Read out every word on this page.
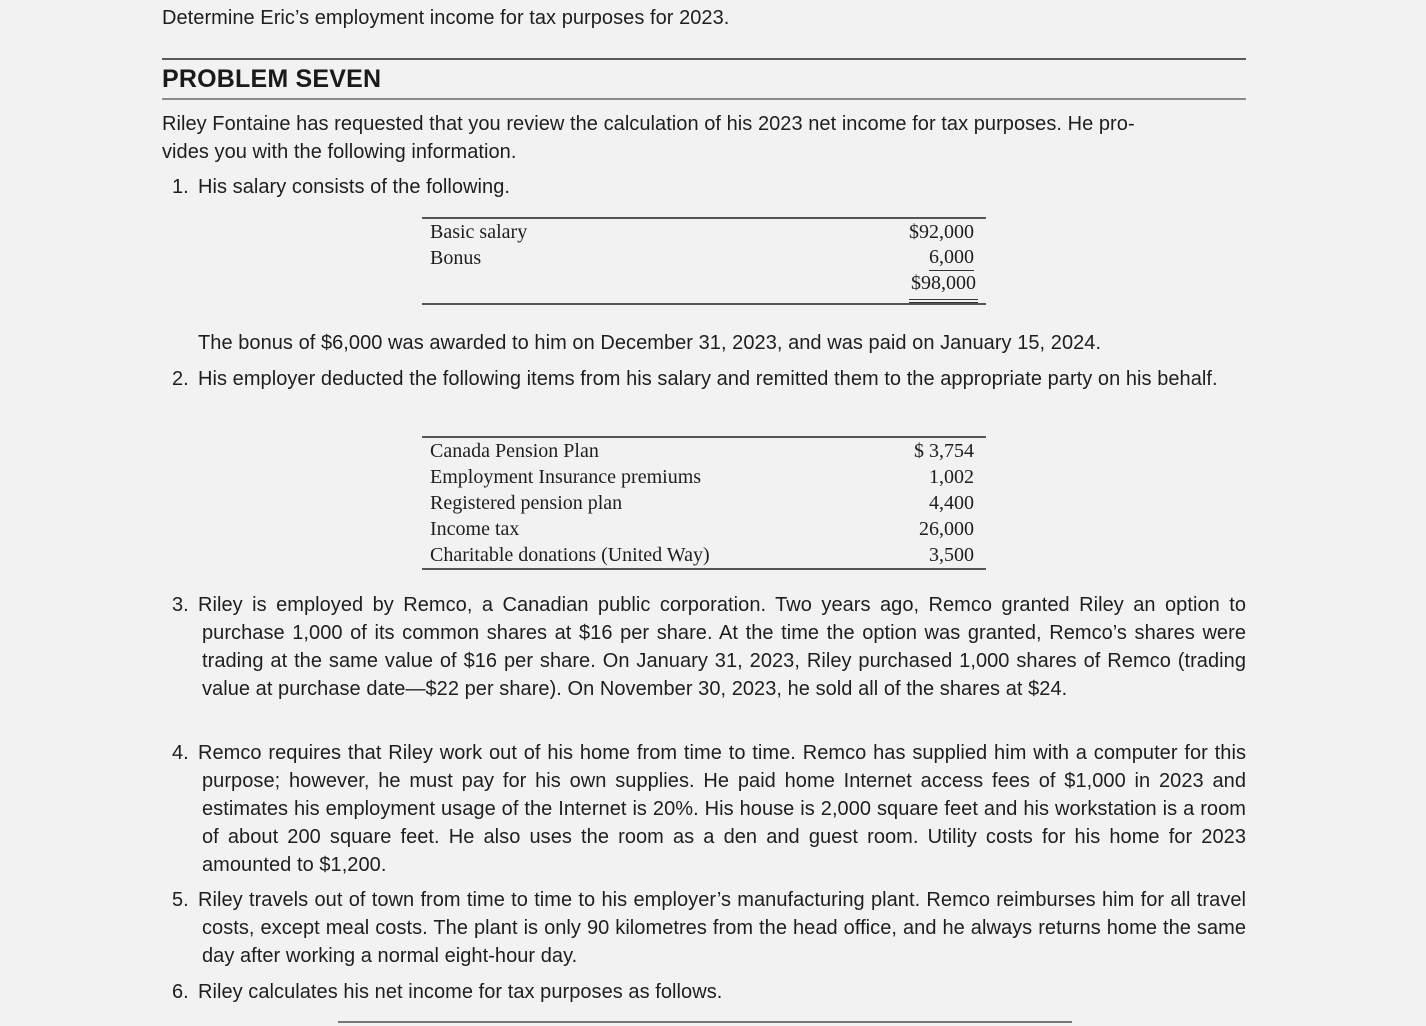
Determine Eric’s employment income for tax purposes for 2023.
PROBLEM SEVEN
Riley Fontaine has requested that you review the calculation of his 2023 net income for tax purposes. He pro-
vides you with the following information.
1. His salary consists of the following.
Basic salary	$92,000
Bonus	6,000
$98,000
The bonus of $6,000 was awarded to him on December 31, 2023, and was paid on January 15, 2024.
2. His employer deducted the following items from his salary and remitted them to the appropriate party on his behalf.
Canada Pension Plan	$ 3,754
Employment Insurance premiums	1,002
Registered pension plan	4,400
Income tax	26,000
Charitable donations (United Way)	3,500
3. Riley is employed by Remco, a Canadian public corporation. Two years ago, Remco granted Riley an option to purchase 1,000 of its common shares at $16 per share. At the time the option was granted, Remco’s shares were trading at the same value of $16 per share. On January 31, 2023, Riley purchased 1,000 shares of Remco (trading value at purchase date—$22 per share). On November 30, 2023, he sold all of the shares at $24.
4. Remco requires that Riley work out of his home from time to time. Remco has supplied him with a computer for this purpose; however, he must pay for his own supplies. He paid home Internet access fees of $1,000 in 2023 and estimates his employment usage of the Internet is 20%. His house is 2,000 square feet and his workstation is a room of about 200 square feet. He also uses the room as a den and guest room. Utility costs for his home for 2023 amounted to $1,200.
5. Riley travels out of town from time to time to his employer’s manufacturing plant. Remco reimburses him for all travel costs, except meal costs. The plant is only 90 kilometres from the head office, and he always returns home the same day after working a normal eight-hour day.
6. Riley calculates his net income for tax purposes as follows.
